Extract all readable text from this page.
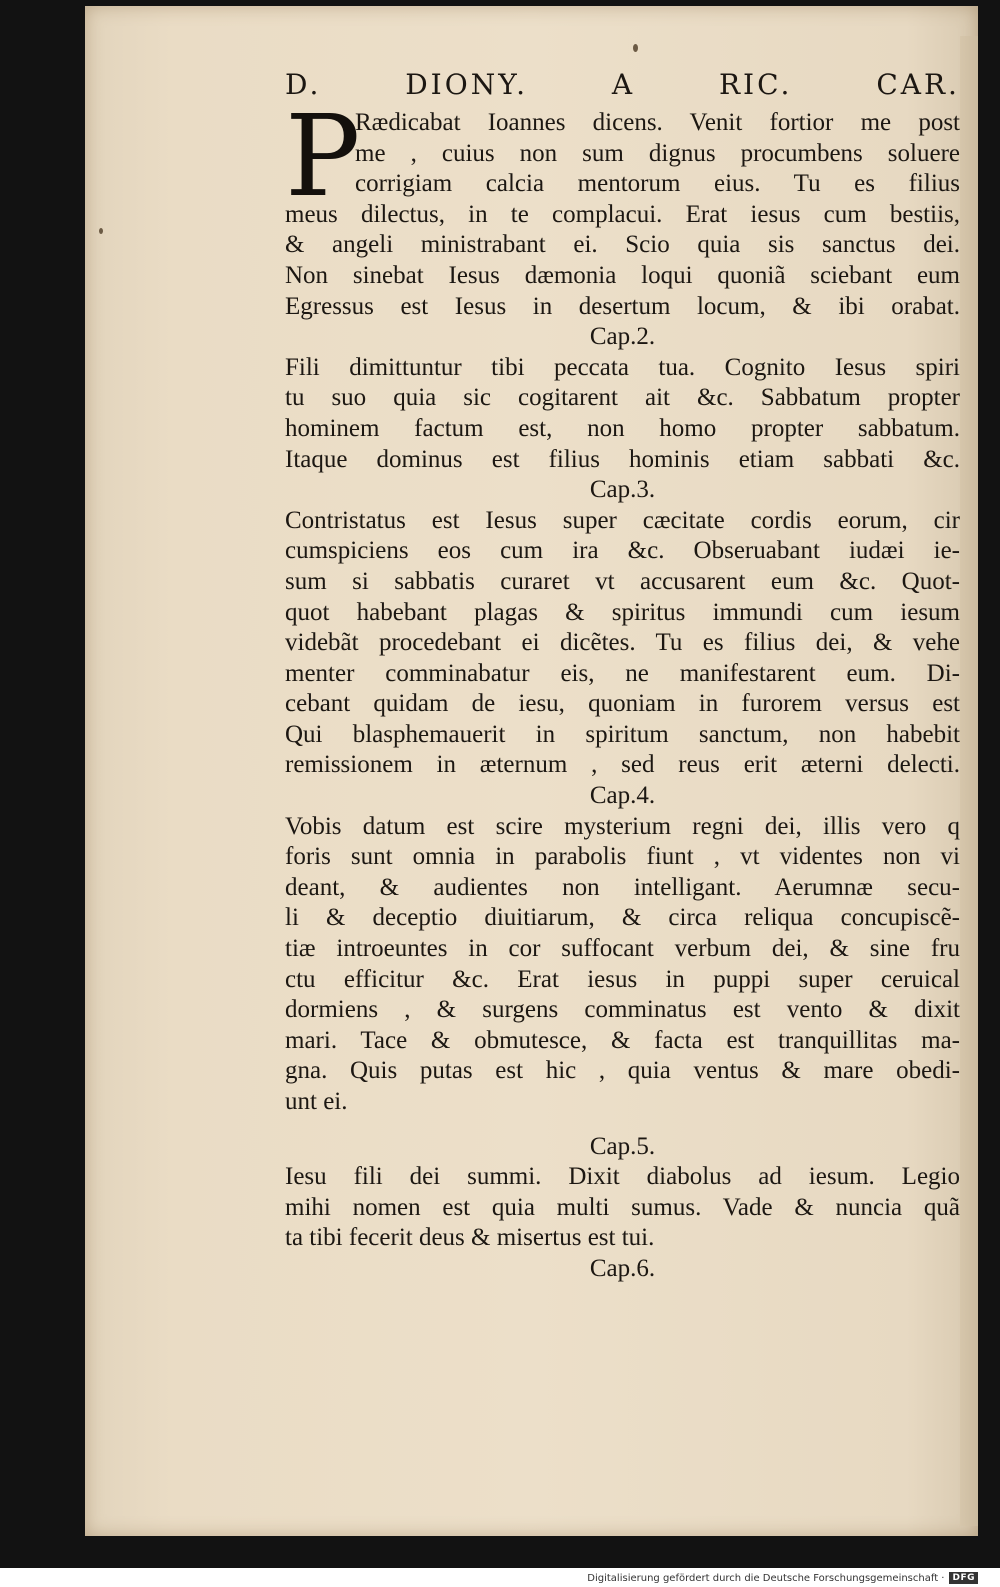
D.	DIONY.	A	RIC.	CAR.
P
Rædicabat Ioannes dicens. Venit fortior me post
me , cuius non sum dignus procumbens soluere
corrigiam calcia mentorum eius. Tu es filius
meus dilectus, in te complacui. Erat iesus cum bestiis,
& angeli ministrabant ei. Scio quia sis sanctus dei.
Non sinebat Iesus dæmonia loqui quoniã sciebant eum
Egressus est Iesus in desertum locum, & ibi orabat.
Cap.2.
Fili dimittuntur tibi peccata tua. Cognito Iesus spiri
tu suo quia sic cogitarent ait &c. Sabbatum propter
hominem factum est, non homo propter sabbatum.
Itaque dominus est filius hominis etiam sabbati &c.
Cap.3.
Contristatus est Iesus super cæcitate cordis eorum, cir
cumspiciens eos cum ira &c. Obseruabant iudæi ie-
sum si sabbatis curaret vt accusarent eum &c. Quot-
quot habebant plagas & spiritus immundi cum iesum
videbãt procedebant ei dicẽtes. Tu es filius dei, & vehe
menter comminabatur eis, ne manifestarent eum. Di-
cebant quidam de iesu, quoniam in furorem versus est
Qui blasphemauerit in spiritum sanctum, non habebit
remissionem in æternum , sed reus erit æterni delecti.
Cap.4.
Vobis datum est scire mysterium regni dei, illis vero q
foris sunt omnia in parabolis fiunt , vt videntes non vi
deant, & audientes non intelligant. Aerumnæ secu-
li & deceptio diuitiarum, & circa reliqua concupiscẽ-
tiæ introeuntes in cor suffocant verbum dei, & sine fru
ctu efficitur &c. Erat iesus in puppi super ceruical
dormiens , & surgens comminatus est vento & dixit
mari. Tace & obmutesce, & facta est tranquillitas ma-
gna. Quis putas est hic , quia ventus & mare obedi-
unt ei.
Cap.5.
Iesu fili dei summi. Dixit diabolus ad iesum. Legio
mihi nomen est quia multi sumus. Vade & nuncia quã
ta tibi fecerit deus & misertus est tui.
Cap.6.
Digitalisierung gefördert durch die Deutsche Forschungsgemeinschaft · DFG
